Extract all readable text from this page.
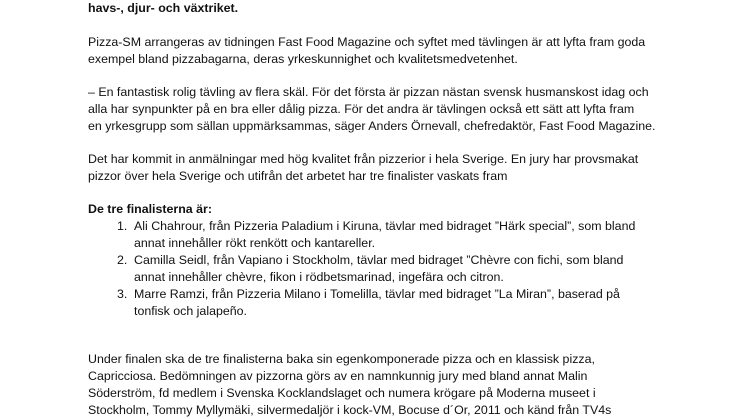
havs-, djur- och växtriket.
Pizza-SM arrangeras av tidningen Fast Food Magazine och syftet med tävlingen är att lyfta fram goda
exempel bland pizzabagarna, deras yrkeskunnighet och kvalitetsmedvetenhet.
– En fantastisk rolig tävling av flera skäl. För det första är pizzan nästan svensk husmanskost idag och
alla har synpunkter på en bra eller dålig pizza. För det andra är tävlingen också ett sätt att lyfta fram
en yrkesgrupp som sällan uppmärksammas, säger Anders Örnevall, chefredaktör, Fast Food Magazine.
Det har kommit in anmälningar med hög kvalitet från pizzerior i hela Sverige. En jury har provsmakat
pizzor över hela Sverige och utifrån det arbetet har tre finalister vaskats fram
De tre finalisterna är:
1. Ali Chahrour, från Pizzeria Paladium i Kiruna, tävlar med bidraget ”Härk special”, som bland
annat innehåller rökt renkött och kantareller.
2. Camilla Seidl, från Vapiano i Stockholm, tävlar med bidraget ”Chèvre con fichi, som bland
annat innehåller chèvre, fikon i rödbetsmarinad, ingefära och citron.
3. Marre Ramzi, från Pizzeria Milano i Tomelilla, tävlar med bidraget ”La Miran”, baserad på
tonfisk och jalapeño.
Under finalen ska de tre finalisterna baka sin egenkomponerade pizza och en klassisk pizza,
Capricciosa. Bedömningen av pizzorna görs av en namnkunnig jury med bland annat Malin
Söderström, fd medlem i Svenska Kocklandslaget och numera krögare på Moderna museet i
Stockholm, Tommy Myllymäki, silvermedaljör i kock-VM, Bocuse d´Or, 2011 och känd från TV4s
